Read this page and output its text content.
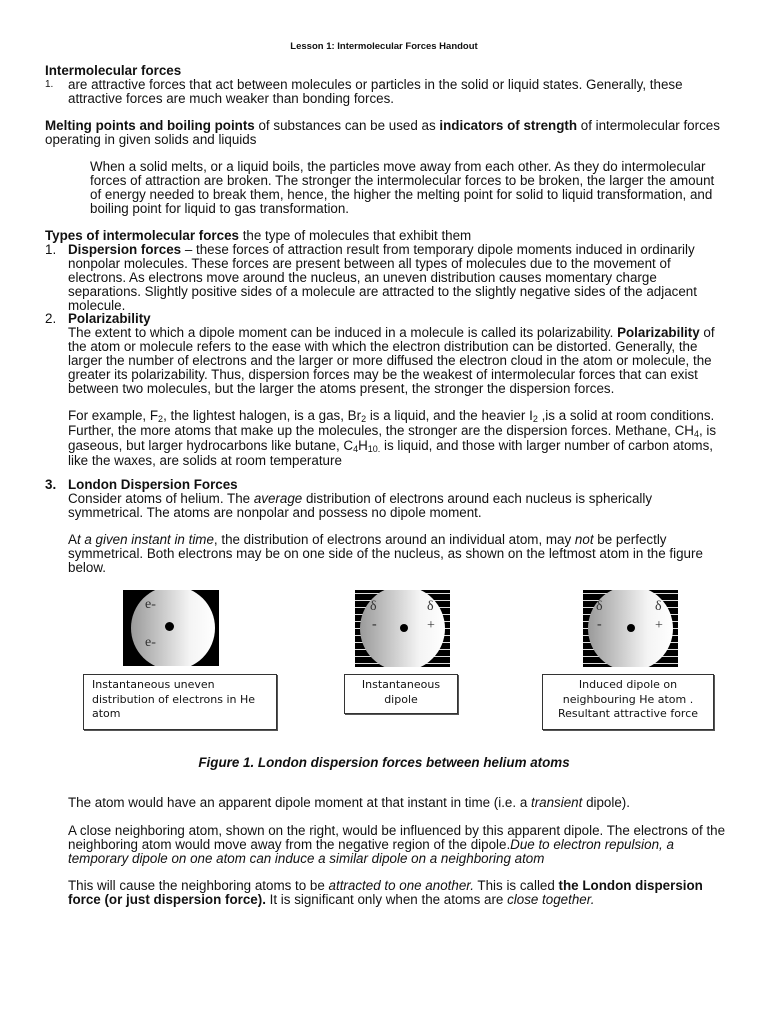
Lesson 1: Intermolecular Forces Handout
Intermolecular forces
1. are attractive forces that act between molecules or particles in the solid or liquid states. Generally, these attractive forces are much weaker than bonding forces.
Melting points and boiling points of substances can be used as indicators of strength of intermolecular forces operating in given solids and liquids
When a solid melts, or a liquid boils, the particles move away from each other. As they do intermolecular forces of attraction are broken. The stronger the intermolecular forces to be broken, the larger the amount of energy needed to break them, hence, the higher the melting point for solid to liquid transformation, and boiling point for liquid to gas transformation.
Types of intermolecular forces the type of molecules that exhibit them
1. Dispersion forces – these forces of attraction result from temporary dipole moments induced in ordinarily nonpolar molecules. These forces are present between all types of molecules due to the movement of electrons. As electrons move around the nucleus, an uneven distribution causes momentary charge separations. Slightly positive sides of a molecule are attracted to the slightly negative sides of the adjacent molecule.
2. Polarizability
The extent to which a dipole moment can be induced in a molecule is called its polarizability. Polarizability of the atom or molecule refers to the ease with which the electron distribution can be distorted. Generally, the larger the number of electrons and the larger or more diffused the electron cloud in the atom or molecule, the greater its polarizability. Thus, dispersion forces may be the weakest of intermolecular forces that can exist between two molecules, but the larger the atoms present, the stronger the dispersion forces.
For example, $F_2$, the lightest halogen, is a gas, $Br_2$ is a liquid, and the heavier $I_2$ ,is a solid at room conditions. Further, the more atoms that make up the molecules, the stronger are the dispersion forces. Methane, $CH_4$, is gaseous, but larger hydrocarbons like butane, $C_4H_{10.}$ is liquid, and those with larger number of carbon atoms, like the waxes, are solids at room temperature
3. London Dispersion Forces
Consider atoms of helium. The average distribution of electrons around each nucleus is spherically symmetrical. The atoms are nonpolar and possess no dipole moment.
At a given instant in time, the distribution of electrons around an individual atom, may not be perfectly symmetrical. Both electrons may be on one side of the nucleus, as shown on the leftmost atom in the figure below.
e-
e-
δ	δ
-	+
δ	δ
-	+
Instantaneous uneven distribution of electrons in He atom
Instantaneous dipole
Induced dipole on neighbouring He atom . Resultant attractive force
Figure 1. London dispersion forces between helium atoms
The atom would have an apparent dipole moment at that instant in time (i.e. a transient dipole).
A close neighboring atom, shown on the right, would be influenced by this apparent dipole. The electrons of the neighboring atom would move away from the negative region of the dipole.Due to electron repulsion, a temporary dipole on one atom can induce a similar dipole on a neighboring atom
This will cause the neighboring atoms to be attracted to one another. This is called the London dispersion force (or just dispersion force). It is significant only when the atoms are close together.
